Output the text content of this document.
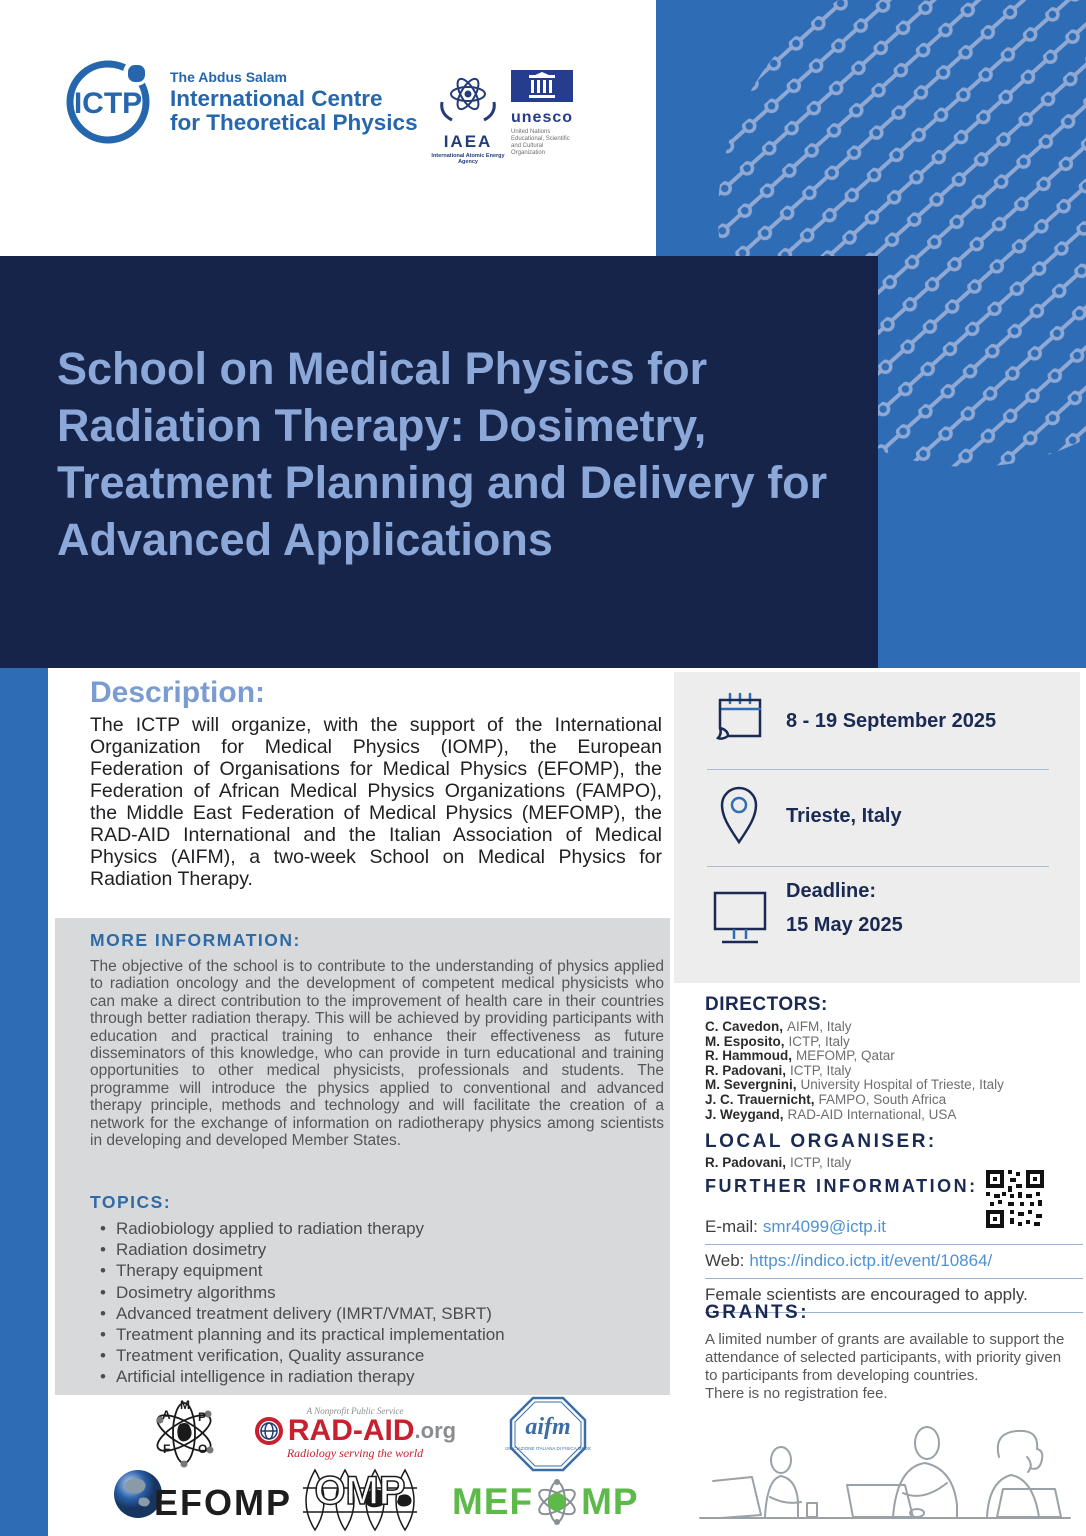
ICTP
The Abdus Salam
International Centre
for Theoretical Physics
IAEA
International Atomic Energy Agency
unesco
United Nations Educational, Scientific and Cultural Organization
School on Medical Physics for
Radiation Therapy: Dosimetry,
Treatment Planning and Delivery for
Advanced Applications
Description:
The ICTP will organize, with the support of the International Organization for Medical Physics (IOMP), the European Federation of Organisations for Medical Physics (EFOMP), the Federation of African Medical Physics Organizations (FAMPO), the Middle East Federation of Medical Physics (MEFOMP), the RAD-AID International and the Italian Association of Medical Physics (AIFM), a two-week School on Medical Physics for Radiation Therapy.
MORE INFORMATION:
The objective of the school is to contribute to the understanding of physics applied to radiation oncology and the development of competent medical physicists who can make a direct contribution to the improvement of health care in their countries through better radiation therapy. This will be achieved by providing participants with education and practical training to enhance their effectiveness as future disseminators of this knowledge, who can provide in turn educational and training opportunities to other medical physicists, professionals and students. The programme will introduce the physics applied to conventional and advanced therapy principle, methods and technology and will facilitate the creation of a network for the exchange of information on radiotherapy physics among scientists in developing and developed Member States.
TOPICS:
• Radiobiology applied to radiation therapy
• Radiation dosimetry
• Therapy equipment
• Dosimetry algorithms
• Advanced treatment delivery (IMRT/VMAT, SBRT)
• Treatment planning and its practical implementation
• Treatment verification, Quality assurance
• Artificial intelligence in radiation therapy
8 - 19 September 2025
Trieste, Italy
Deadline:
15 May 2025
DIRECTORS:
C. Cavedon, AIFM, Italy
M. Esposito, ICTP, Italy
R. Hammoud, MEFOMP, Qatar
R. Padovani, ICTP, Italy
M. Severgnini, University Hospital of Trieste, Italy
J. C. Trauernicht, FAMPO, South Africa
J. Weygand, RAD-AID International, USA
LOCAL ORGANISER:
R. Padovani, ICTP, Italy
FURTHER INFORMATION:
E-mail: smr4099@ictp.it
Web: https://indico.ictp.it/event/10864/
Female scientists are encouraged to apply.
GRANTS:
A limited number of grants are available to support the attendance of selected participants, with priority given to participants from developing countries.
There is no registration fee.
A
M
P
F O
A Nonprofit Public Service
RAD-AID .org
Radiology serving the world
aifm
ASSOCIAZIONE ITALIANA DI FISICA MEDICA
EFOMP OMP MEF MP
